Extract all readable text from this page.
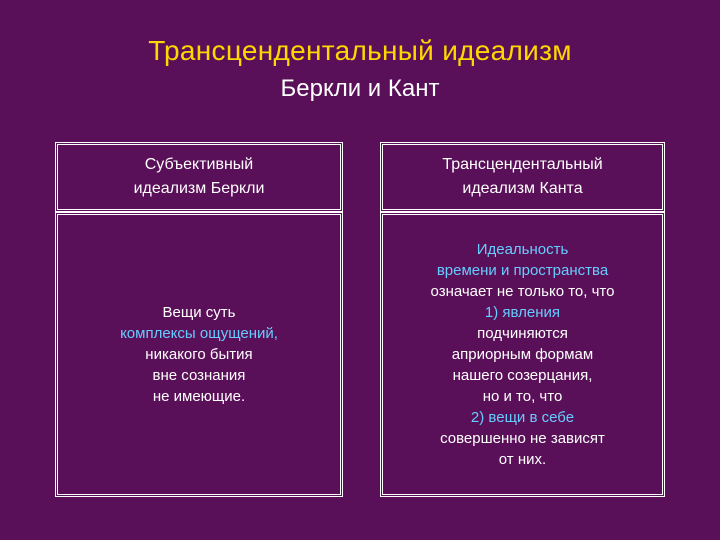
Трансцендентальный идеализм
Беркли и Кант
Субъективный
идеализм Беркли
Трансцендентальный
идеализм Канта
Вещи суть
комплексы ощущений,
никакого бытия
вне сознания
не имеющие.
Идеальность
времени и пространства
означает не только то, что
1) явления
подчиняются
априорным формам
нашего созерцания,
но и то, что
2) вещи в себе
совершенно не зависят
от них.
